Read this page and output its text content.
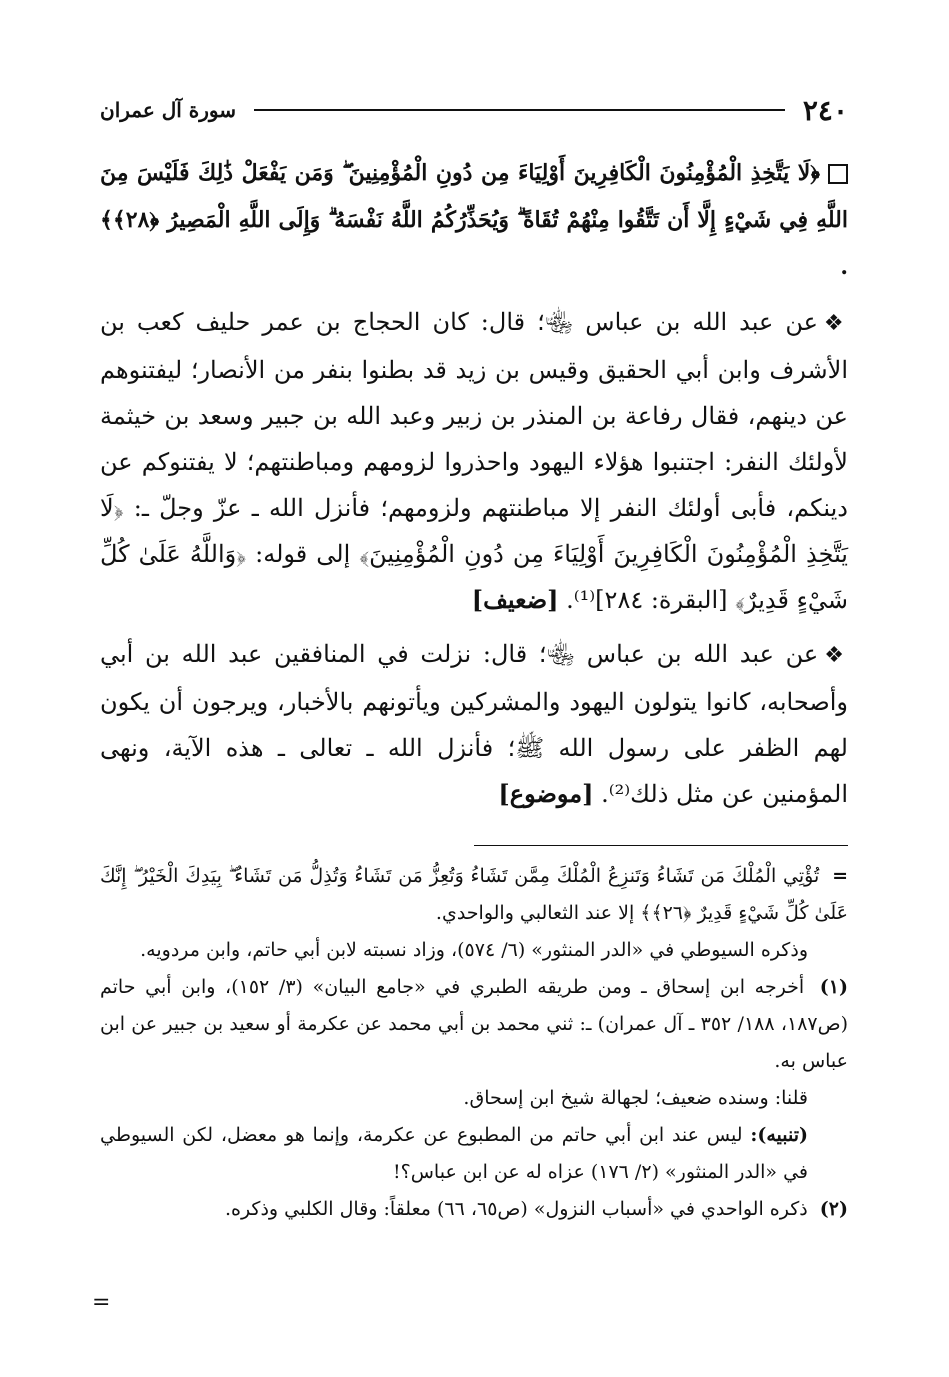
٢٤٠
سورة آل عمران
﴿لَا يَتَّخِذِ الْمُؤْمِنُونَ الْكَافِرِينَ أَوْلِيَاءَ مِن دُونِ الْمُؤْمِنِينَ ۖ وَمَن يَفْعَلْ ذَٰلِكَ فَلَيْسَ مِنَ اللَّهِ فِي شَيْءٍ إِلَّا أَن تَتَّقُوا مِنْهُمْ تُقَاةً ۗ وَيُحَذِّرُكُمُ اللَّهُ نَفْسَهُ ۗ وَإِلَى اللَّهِ الْمَصِيرُ ﴿٢٨﴾﴾ .
❖عن عبد الله بن عباس ﵄؛ قال: كان الحجاج بن عمر حليف كعب بن الأشرف وابن أبي الحقيق وقيس بن زيد قد بطنوا بنفر من الأنصار؛ ليفتنوهم عن دينهم، فقال رفاعة بن المنذر بن زبير وعبد الله بن جبير وسعد بن خيثمة لأولئك النفر: اجتنبوا هؤلاء اليهود واحذروا لزومهم ومباطنتهم؛ لا يفتنوكم عن دينكم، فأبى أولئك النفر إلا مباطنتهم ولزومهم؛ فأنزل الله ـ عزّ وجلّ ـ: ﴿لَا يَتَّخِذِ الْمُؤْمِنُونَ الْكَافِرِينَ أَوْلِيَاءَ مِن دُونِ الْمُؤْمِنِينَ﴾ إلى قوله: ﴿وَاللَّهُ عَلَىٰ كُلِّ شَيْءٍ قَدِيرٌ﴾ [البقرة: ٢٨٤]⁽¹⁾. [ضعيف]
❖عن عبد الله بن عباس ﵄؛ قال: نزلت في المنافقين عبد الله بن أبي وأصحابه، كانوا يتولون اليهود والمشركين ويأتونهم بالأخبار، ويرجون أن يكون لهم الظفر على رسول الله ﷺ؛ فأنزل الله ـ تعالى ـ هذه الآية، ونهى المؤمنين عن مثل ذلك⁽²⁾. [موضوع]

= تُؤْتِي الْمُلْكَ مَن تَشَاءُ وَتَنزِعُ الْمُلْكَ مِمَّن تَشَاءُ وَتُعِزُّ مَن تَشَاءُ وَتُذِلُّ مَن تَشَاءُ ۖ بِيَدِكَ الْخَيْرُ ۖ إِنَّكَ عَلَىٰ كُلِّ شَيْءٍ قَدِيرٌ ﴿٢٦﴾﴾ إلا عند الثعالبي والواحدي.

وذكره السيوطي في «الدر المنثور» (٦/ ٥٧٤)، وزاد نسبته لابن أبي حاتم، وابن مردويه.

(١) أخرجه ابن إسحاق ـ ومن طريقه الطبري في «جامع البيان» (٣/ ١٥٢)، وابن أبي حاتم (ص١٨٧، ١٨٨/ ٣٥٢ ـ آل عمران) ـ: ثني محمد بن أبي محمد عن عكرمة أو سعيد بن جبير عن ابن عباس به.

قلنا: وسنده ضعيف؛ لجهالة شيخ ابن إسحاق.

(تنبيه): ليس عند ابن أبي حاتم من المطبوع عن عكرمة، وإنما هو معضل، لكن السيوطي في «الدر المنثور» (٢/ ١٧٦) عزاه له عن ابن عباس؟!

(٢) ذكره الواحدي في «أسباب النزول» (ص٦٥، ٦٦) معلقاً: وقال الكلبي وذكره.

=
